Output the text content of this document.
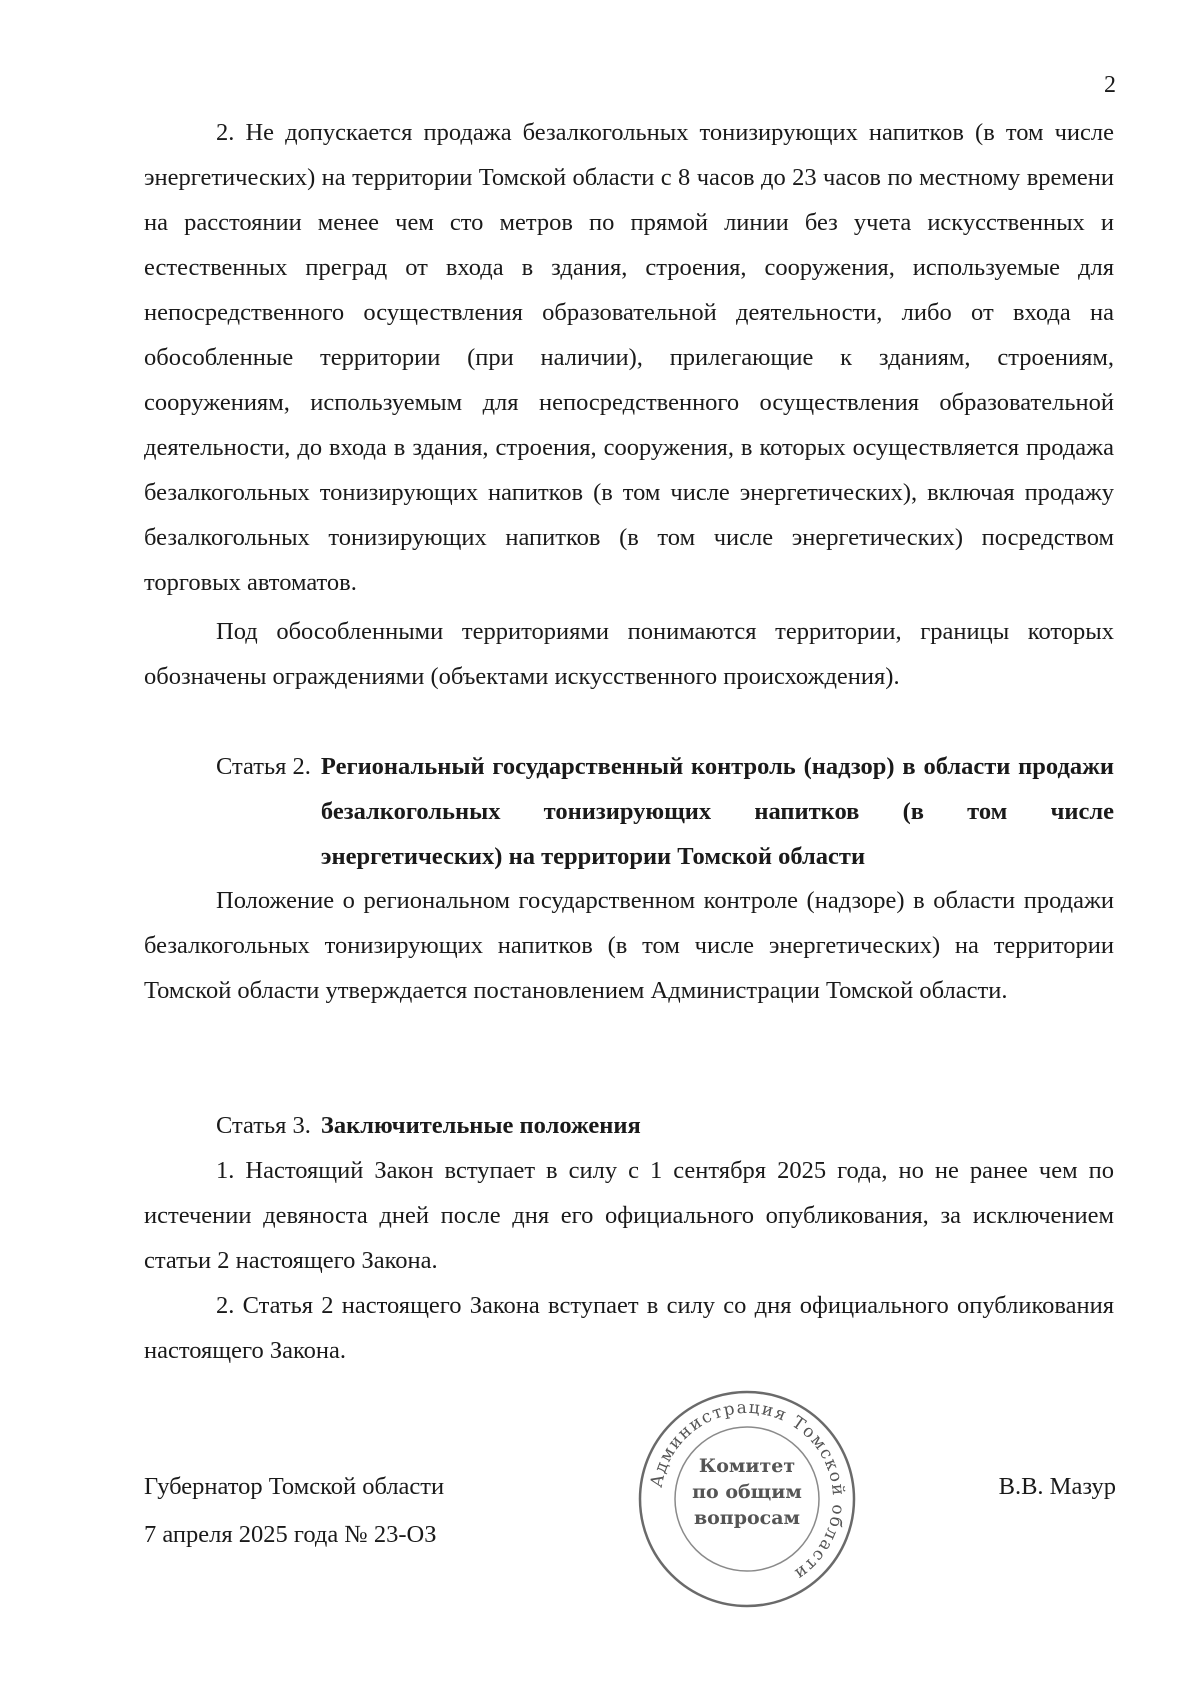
2

2. Не допускается продажа безалкогольных тонизирующих напитков (в том числе энергетических) на территории Томской области с 8 часов до 23 часов по местному времени на расстоянии менее чем сто метров по прямой линии без учета искусственных и естественных преград от входа в здания, строения, сооружения, используемые для непосредственного осуществления образовательной деятельности, либо от входа на обособленные территории (при наличии), прилегающие к зданиям, строениям, сооружениям, используемым для непосредственного осуществления образовательной деятельности, до входа в здания, строения, сооружения, в которых осуществляется продажа безалкогольных тонизирующих напитков (в том числе энергетических), включая продажу безалкогольных тонизирующих напитков (в том числе энергетических) посредством торговых автоматов.

Под обособленными территориями понимаются территории, границы которых обозначены ограждениями (объектами искусственного происхождения).

Статья 2. Региональный государственный контроль (надзор) в области продажи безалкогольных тонизирующих напитков (в том числе энергетических) на территории Томской области

Положение о региональном государственном контроле (надзоре) в области продажи безалкогольных тонизирующих напитков (в том числе энергетических) на территории Томской области утверждается постановлением Администрации Томской области.

Статья 3. Заключительные положения

1. Настоящий Закон вступает в силу с 1 сентября 2025 года, но не ранее чем по истечении девяноста дней после дня его официального опубликования, за исключением статьи 2 настоящего Закона.

2. Статья 2 настоящего Закона вступает в силу со дня официального опубликования настоящего Закона.

Губернатор Томской области
7 апреля 2025 года № 23-ОЗ
В.В. Мазур
Администрация Томской области
Комитет
по общим
вопросам
